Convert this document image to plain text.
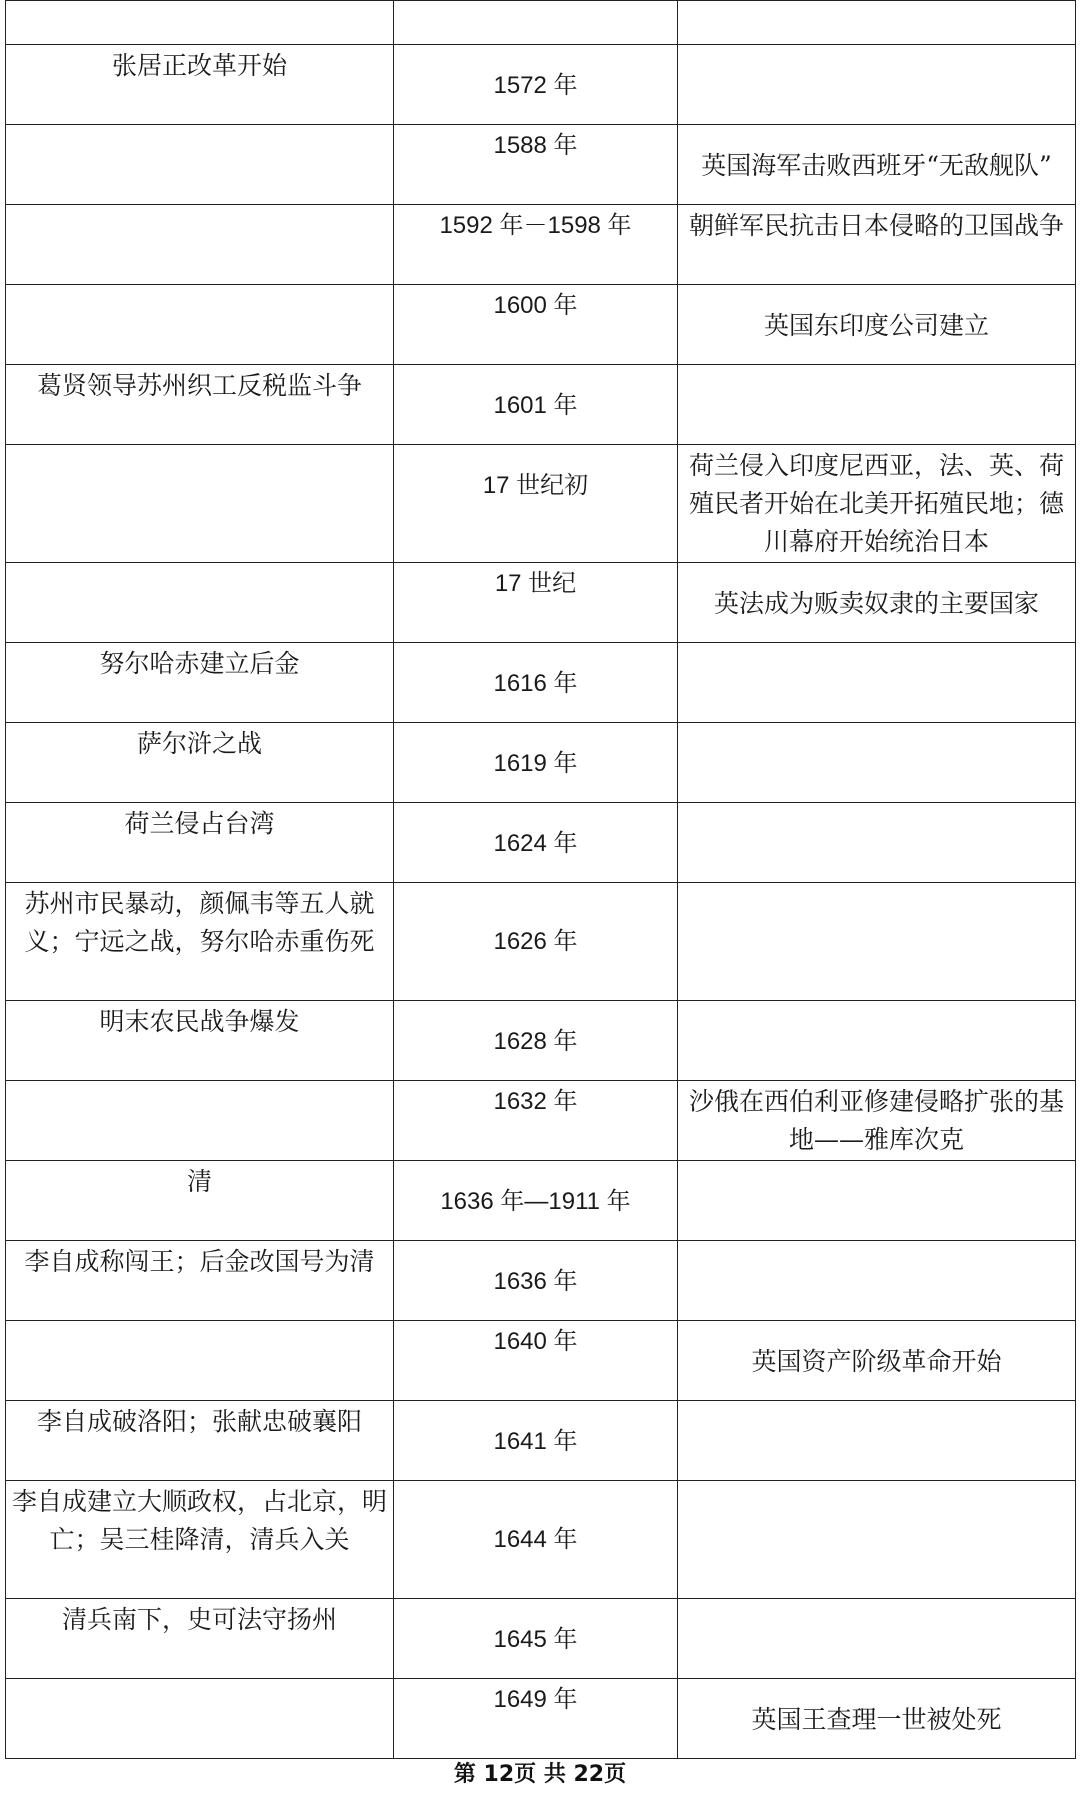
张居正改革开始	1572 年	

	1588 年	英国海军击败西班牙“无敌舰队”

	1592 年－1598 年	朝鲜军民抗击日本侵略的卫国战争

	1600 年	英国东印度公司建立

葛贤领导苏州织工反税监斗争	1601 年	

	17 世纪初	荷兰侵入印度尼西亚，法、英、荷殖民者开始在北美开拓殖民地；德川幕府开始统治日本

	17 世纪	英法成为贩卖奴隶的主要国家

努尔哈赤建立后金	1616 年	

萨尔浒之战	1619 年	

荷兰侵占台湾	1624 年	

苏州市民暴动，颜佩韦等五人就义；宁远之战，努尔哈赤重伤死	1626 年	

明末农民战争爆发	1628 年	

	1632 年	沙俄在西伯利亚修建侵略扩张的基地——雅库次克

清	1636 年—1911 年	

李自成称闯王；后金改国号为清	1636 年	

	1640 年	英国资产阶级革命开始

李自成破洛阳；张献忠破襄阳	1641 年	

李自成建立大顺政权，占北京，明亡；吴三桂降清，清兵入关	1644 年	

清兵南下，史可法守扬州	1645 年	

	1649 年	英国王查理一世被处死
第 12页 共 22页
